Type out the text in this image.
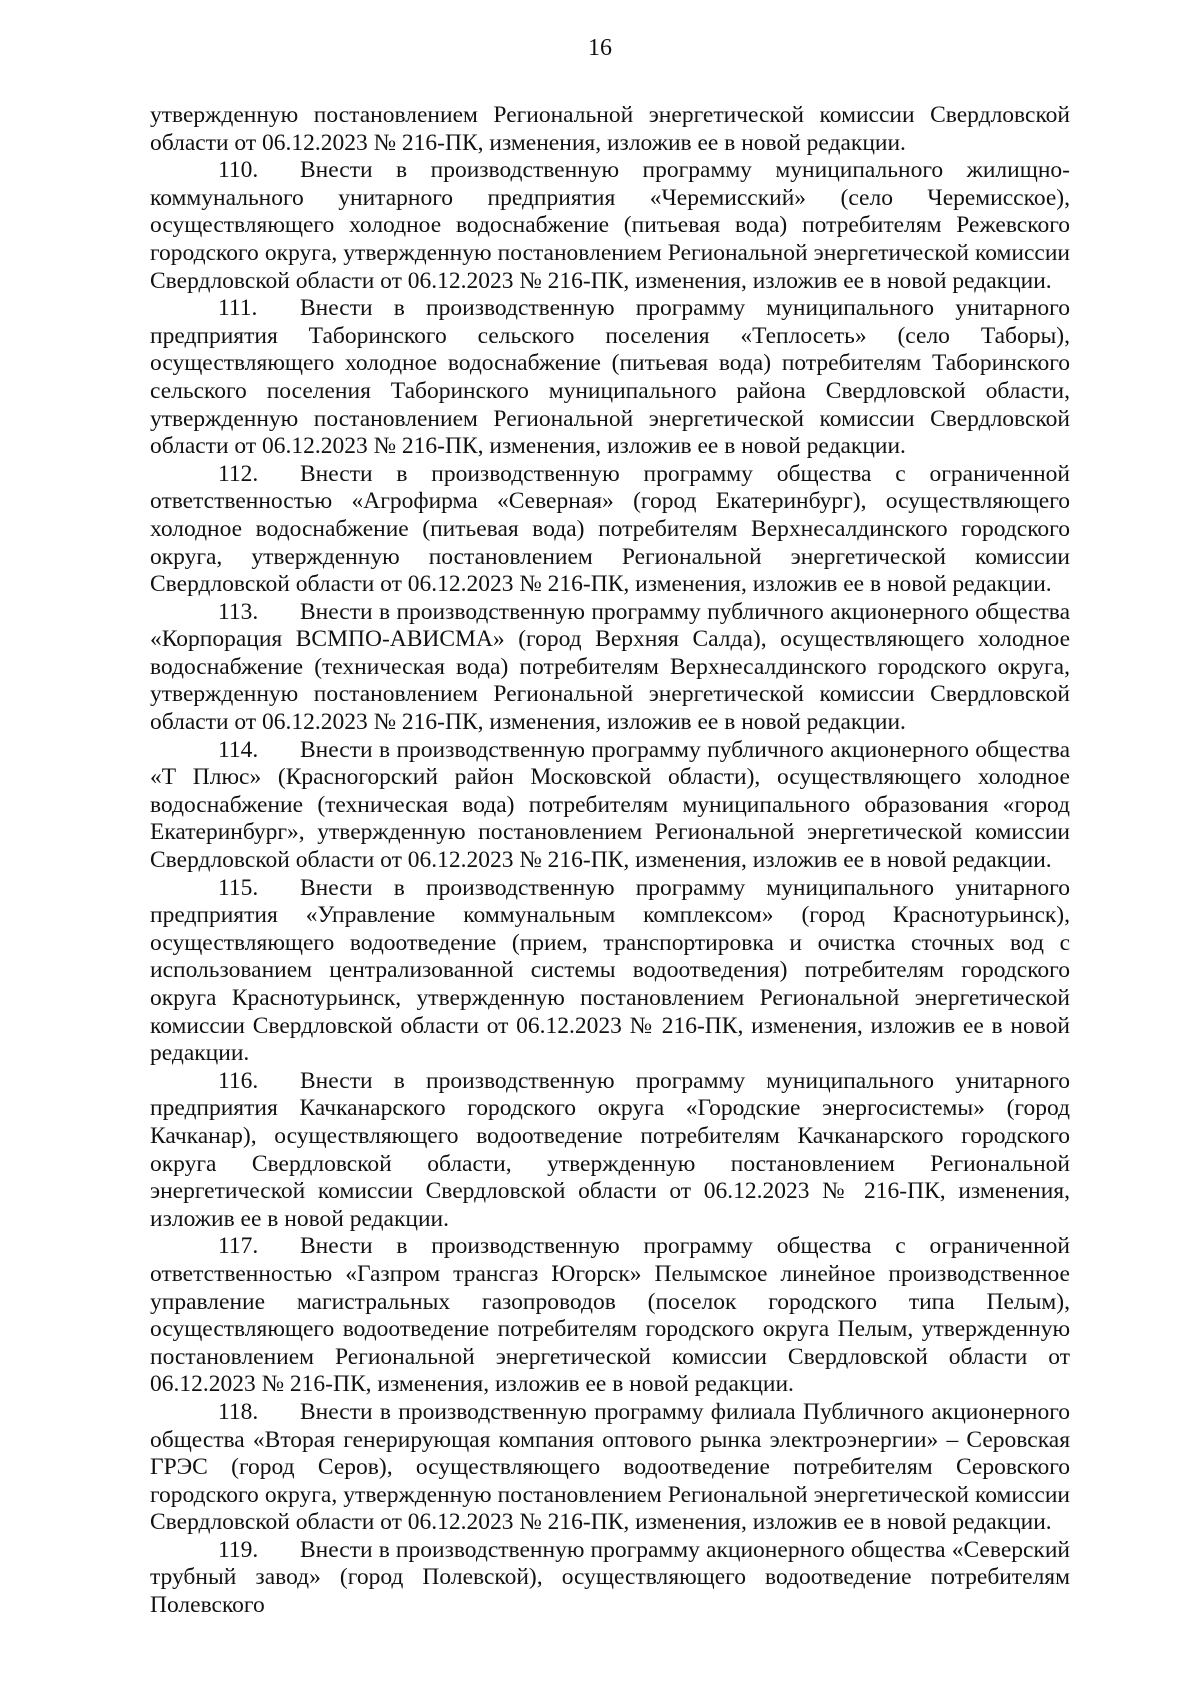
16

утвержденную постановлением Региональной энергетической комиссии Свердловской области от 06.12.2023 № 216-ПК, изменения, изложив ее в новой редакции.

110. Внести в производственную программу муниципального жилищно-коммунального унитарного предприятия «Черемисский» (село Черемисское), осуществляющего холодное водоснабжение (питьевая вода) потребителям Режевского городского округа, утвержденную постановлением Региональной энергетической комиссии Свердловской области от 06.12.2023 № 216-ПК, изменения, изложив ее в новой редакции.

111. Внести в производственную программу муниципального унитарного предприятия Таборинского сельского поселения «Теплосеть» (село Таборы), осуществляющего холодное водоснабжение (питьевая вода) потребителям Таборинского сельского поселения Таборинского муниципального района Свердловской области, утвержденную постановлением Региональной энергетической комиссии Свердловской области от 06.12.2023 № 216-ПК, изменения, изложив ее в новой редакции.

112. Внести в производственную программу общества с ограниченной ответственностью «Агрофирма «Северная» (город Екатеринбург), осуществляющего холодное водоснабжение (питьевая вода) потребителям Верхнесалдинского городского округа, утвержденную постановлением Региональной энергетической комиссии Свердловской области от 06.12.2023 № 216-ПК, изменения, изложив ее в новой редакции.

113. Внести в производственную программу публичного акционерного общества «Корпорация ВСМПО-АВИСМА» (город Верхняя Салда), осуществляющего холодное водоснабжение (техническая вода) потребителям Верхнесалдинского городского округа, утвержденную постановлением Региональной энергетической комиссии Свердловской области от 06.12.2023 № 216-ПК, изменения, изложив ее в новой редакции.

114. Внести в производственную программу публичного акционерного общества «Т Плюс» (Красногорский район Московской области), осуществляющего холодное водоснабжение (техническая вода) потребителям муниципального образования «город Екатеринбург», утвержденную постановлением Региональной энергетической комиссии Свердловской области от 06.12.2023 № 216-ПК, изменения, изложив ее в новой редакции.

115. Внести в производственную программу муниципального унитарного предприятия «Управление коммунальным комплексом» (город Краснотурьинск), осуществляющего водоотведение (прием, транспортировка и очистка сточных вод с использованием централизованной системы водоотведения) потребителям городского округа Краснотурьинск, утвержденную постановлением Региональной энергетической комиссии Свердловской области от 06.12.2023 № 216-ПК, изменения, изложив ее в новой редакции.

116. Внести в производственную программу муниципального унитарного предприятия Качканарского городского округа «Городские энергосистемы» (город Качканар), осуществляющего водоотведение потребителям Качканарского городского округа Свердловской области, утвержденную постановлением Региональной энергетической комиссии Свердловской области от 06.12.2023 № 216-ПК, изменения, изложив ее в новой редакции.

117. Внести в производственную программу общества с ограниченной ответственностью «Газпром трансгаз Югорск» Пелымское линейное производственное управление магистральных газопроводов (поселок городского типа Пелым), осуществляющего водоотведение потребителям городского округа Пелым, утвержденную постановлением Региональной энергетической комиссии Свердловской области от 06.12.2023 № 216-ПК, изменения, изложив ее в новой редакции.

118. Внести в производственную программу филиала Публичного акционерного общества «Вторая генерирующая компания оптового рынка электроэнергии» – Серовская ГРЭС (город Серов), осуществляющего водоотведение потребителям Серовского городского округа, утвержденную постановлением Региональной энергетической комиссии Свердловской области от 06.12.2023 № 216-ПК, изменения, изложив ее в новой редакции.

119. Внести в производственную программу акционерного общества «Северский трубный завод» (город Полевской), осуществляющего водоотведение потребителям Полевского
